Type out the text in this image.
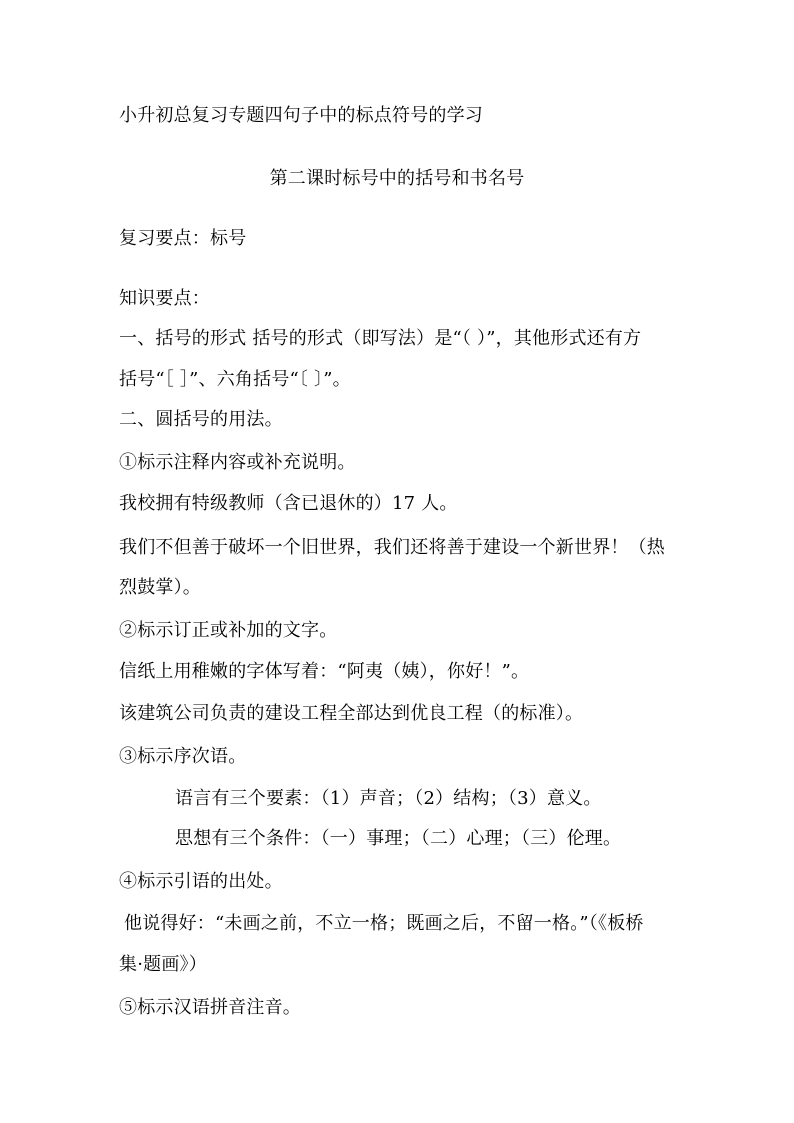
小升初总复习专题四句子中的标点符号的学习
第二课时标号中的括号和书名号
复习要点：标号
知识要点：
一、括号的形式 括号的形式（即写法）是“（ ）”，其他形式还有方
括号“［ ］”、六角括号“〔 〕”。
二、圆括号的用法。
①标示注释内容或补充说明。
我校拥有特级教师（含已退休的）17 人。
我们不但善于破坏一个旧世界，我们还将善于建设一个新世界！（热
烈鼓掌）。
②标示订正或补加的文字。
信纸上用稚嫩的字体写着：“阿夷（姨），你好！”。
该建筑公司负责的建设工程全部达到优良工程（的标准）。
③标示序次语。
语言有三个要素：（1）声音；（2）结构；（3）意义。
思想有三个条件：（一）事理；（二）心理；（三）伦理。
④标示引语的出处。
他说得好：“未画之前，不立一格；既画之后，不留一格。”（《板桥
集·题画》）
⑤标示汉语拼音注音。
